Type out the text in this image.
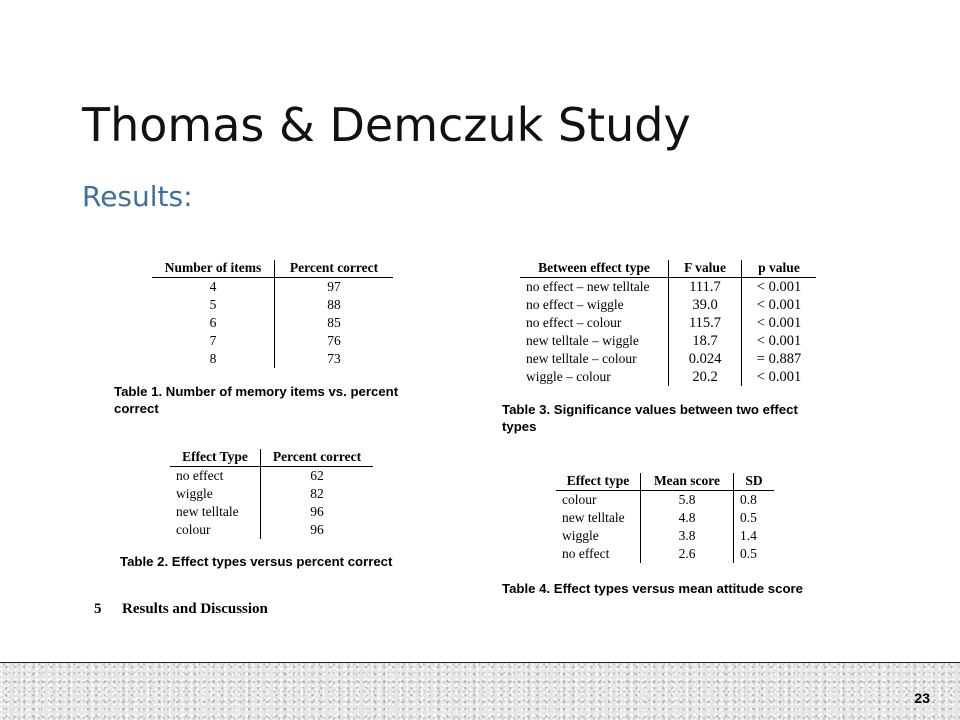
Thomas & Demczuk Study
Results:
Number of items	Percent correct
4	97
5	88
6	85
7	76
8	73
Table 1. Number of memory items vs. percent correct
Effect Type	Percent correct
no effect	62
wiggle	82
new telltale	96
colour	96
Table 2. Effect types versus percent correct
Between effect type	F value	p value
no effect – new telltale	111.7	< 0.001
no effect – wiggle	39.0	< 0.001
no effect – colour	115.7	< 0.001
new telltale – wiggle	18.7	< 0.001
new telltale – colour	0.024	= 0.887
wiggle – colour	20.2	< 0.001
Table 3. Significance values between two effect types
Effect type	Mean score	SD
colour	5.8	0.8
new telltale	4.8	0.5
wiggle	3.8	1.4
no effect	2.6	0.5
Table 4. Effect types versus mean attitude score
5 Results and Discussion
23
